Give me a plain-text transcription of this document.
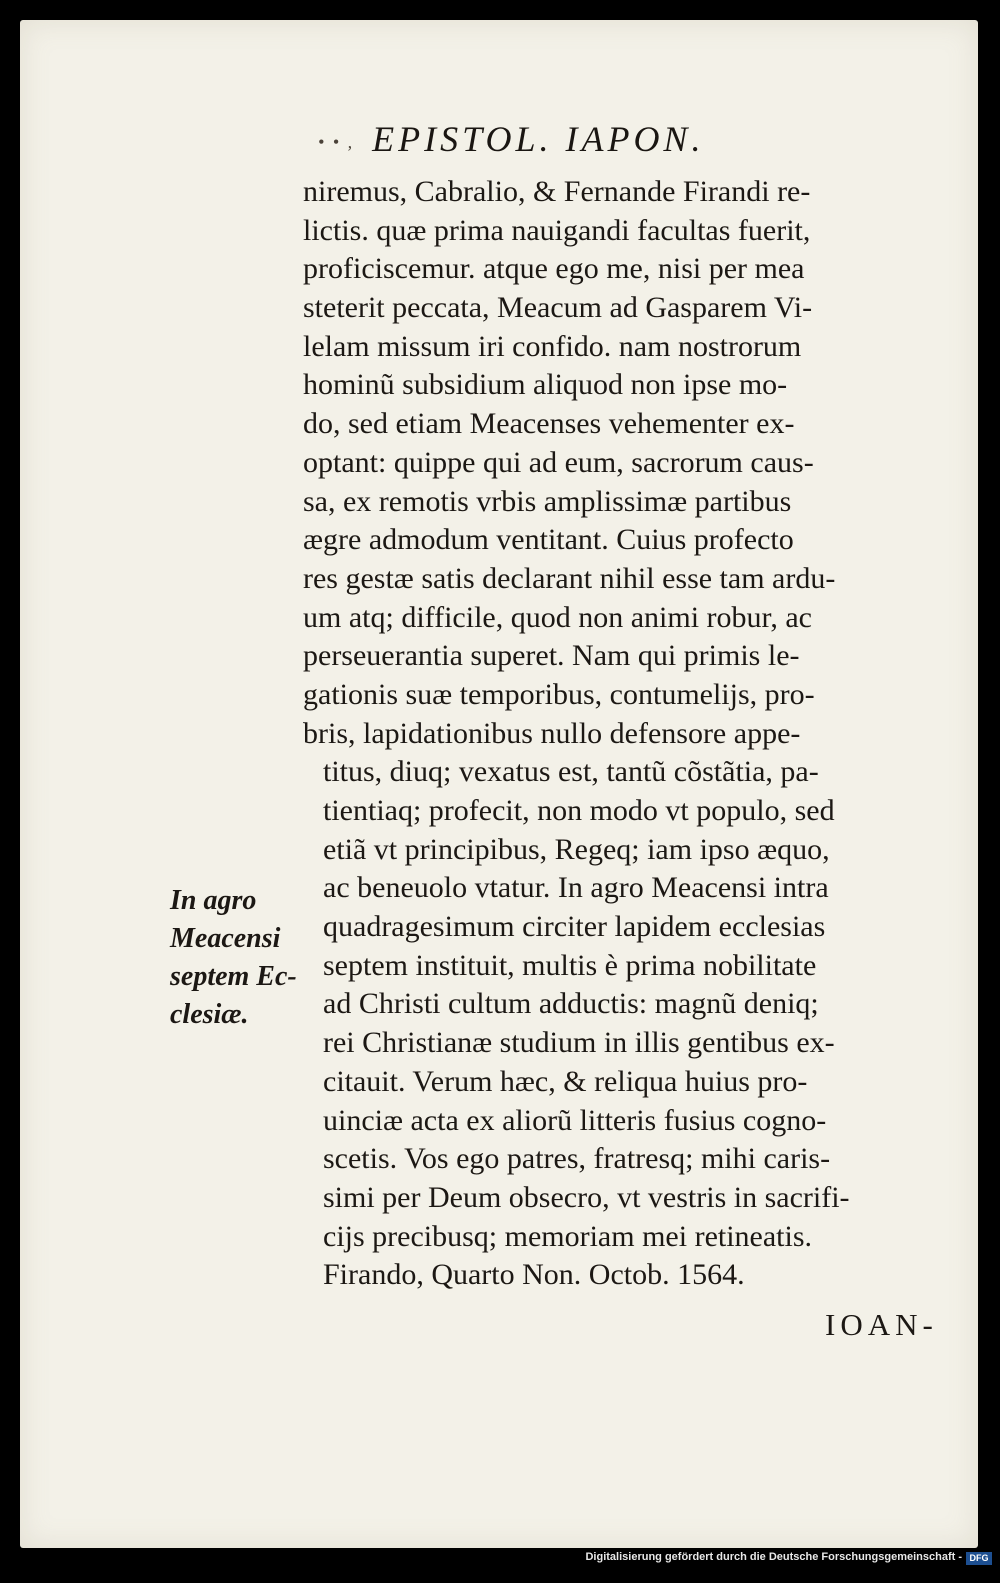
• • , EPISTOL. IAPON.
In agro
Meacensi
septem Ec-
clesiæ.
niremus, Cabralio, & Fernande Firandi re-
lictis. quæ prima nauigandi facultas fuerit,
proficiscemur. atque ego me, nisi per mea
steterit peccata, Meacum ad Gasparem Vi-
lelam missum iri confido. nam nostrorum
hominũ subsidium aliquod non ipse mo-
do, sed etiam Meacenses vehementer ex-
optant: quippe qui ad eum, sacrorum caus-
sa, ex remotis vrbis amplissimæ partibus
ægre admodum ventitant. Cuius profecto
res gestæ satis declarant nihil esse tam ardu-
um atq; difficile, quod non animi robur, ac
perseuerantia superet. Nam qui primis le-
gationis suæ temporibus, contumelijs, pro-
bris, lapidationibus nullo defensore appe-
titus, diuq; vexatus est, tantũ cõstãtia, pa-
tientiaq; profecit, non modo vt populo, sed
etiã vt principibus, Regeq; iam ipso æquo,
ac beneuolo vtatur. In agro Meacensi intra
quadragesimum circiter lapidem ecclesias
septem instituit, multis è prima nobilitate
ad Christi cultum adductis: magnũ deniq;
rei Christianæ studium in illis gentibus ex-
citauit. Verum hæc, & reliqua huius pro-
uinciæ acta ex aliorũ litteris fusius cogno-
scetis. Vos ego patres, fratresq; mihi caris-
simi per Deum obsecro, vt vestris in sacrifi-
cijs precibusq; memoriam mei retineatis.
Firando, Quarto Non. Octob. 1564.
IOAN-
Digitalisierung gefördert durch die Deutsche Forschungsgemeinschaft - DFG
